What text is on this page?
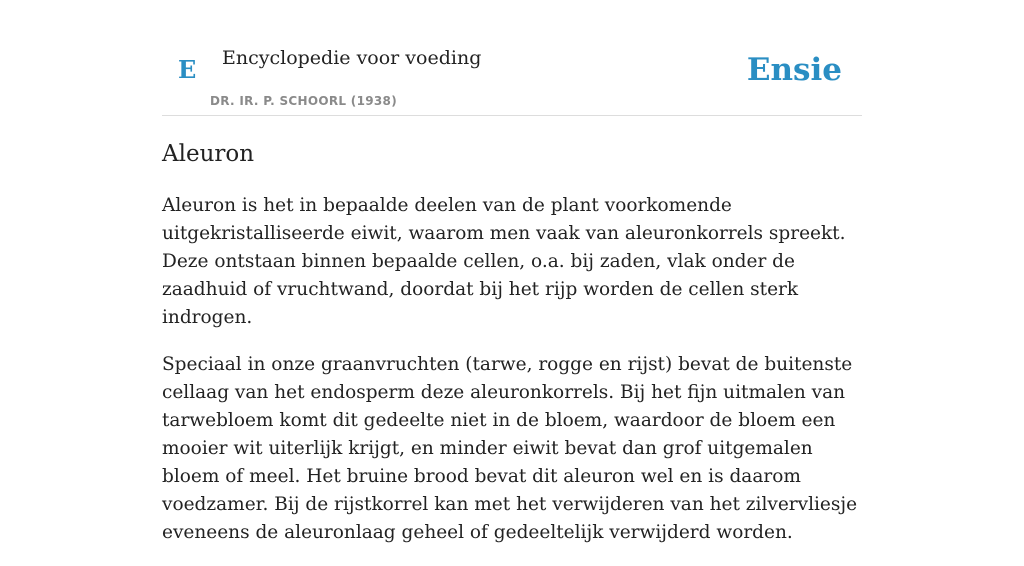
E Encyclopedie voor voeding
DR. IR. P. SCHOORL (1938)
Ensie
Aleuron

Aleuron is het in bepaalde deelen van de plant voorkomende uitgekristalliseerde eiwit, waarom men vaak van aleuronkorrels spreekt. Deze ontstaan binnen bepaalde cellen, o.a. bij zaden, vlak onder de zaadhuid of vruchtwand, doordat bij het rijp worden de cellen sterk indrogen.

Speciaal in onze graanvruchten (tarwe, rogge en rijst) bevat de buitenste cellaag van het endosperm deze aleuronkorrels. Bij het fijn uitmalen van tarwebloem komt dit gedeelte niet in de bloem, waardoor de bloem een mooier wit uiterlijk krijgt, en minder eiwit bevat dan grof uitgemalen bloem of meel. Het bruine brood bevat dit aleuron wel en is daarom voedzamer. Bij de rijstkorrel kan met het verwijderen van het zilvervliesje eveneens de aleuronlaag geheel of gedeeltelijk verwijderd worden.
